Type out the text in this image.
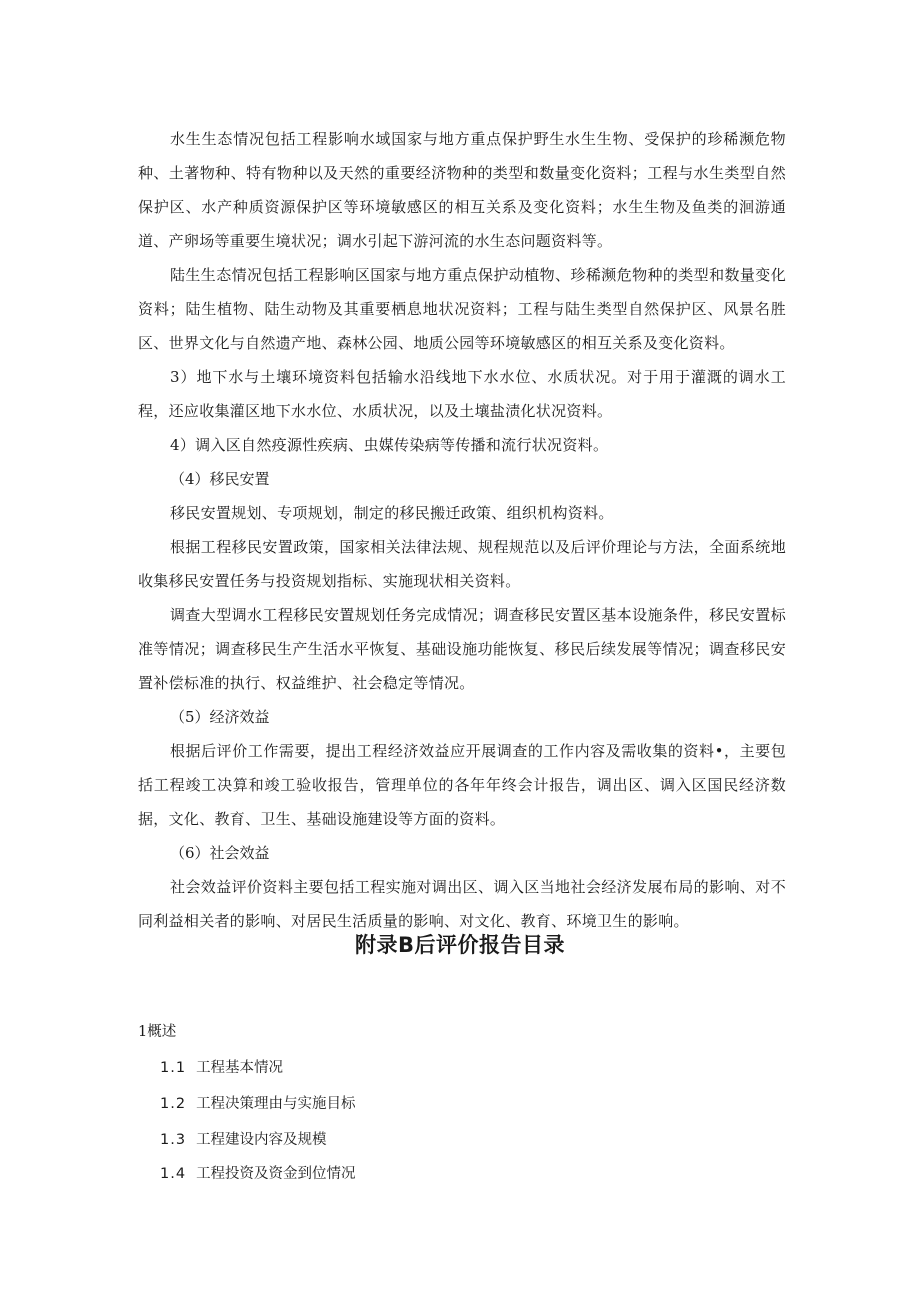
水生生态情况包括工程影响水域国家与地方重点保护野生水生生物、受保护的珍稀濒危物种、土著物种、特有物种以及天然的重要经济物种的类型和数量变化资料；工程与水生类型自然保护区、水产种质资源保护区等环境敏感区的相互关系及变化资料；水生生物及鱼类的洄游通道、产卵场等重要生境状况；调水引起下游河流的水生态问题资料等。

陆生生态情况包括工程影响区国家与地方重点保护动植物、珍稀濒危物种的类型和数量变化资料；陆生植物、陆生动物及其重要栖息地状况资料；工程与陆生类型自然保护区、风景名胜区、世界文化与自然遗产地、森林公园、地质公园等环境敏感区的相互关系及变化资料。

3）地下水与土壤环境资料包括输水沿线地下水水位、水质状况。对于用于灌溉的调水工程，还应收集灌区地下水水位、水质状况，以及土壤盐渍化状况资料。

4）调入区自然疫源性疾病、虫媒传染病等传播和流行状况资料。

（4）移民安置

移民安置规划、专项规划，制定的移民搬迁政策、组织机构资料。

根据工程移民安置政策，国家相关法律法规、规程规范以及后评价理论与方法，全面系统地收集移民安置任务与投资规划指标、实施现状相关资料。

调查大型调水工程移民安置规划任务完成情况；调查移民安置区基本设施条件，移民安置标准等情况；调查移民生产生活水平恢复、基础设施功能恢复、移民后续发展等情况；调查移民安置补偿标准的执行、权益维护、社会稳定等情况。

（5）经济效益

根据后评价工作需要，提出工程经济效益应开展调查的工作内容及需收集的资料•，主要包括工程竣工决算和竣工验收报告，管理单位的各年年终会计报告，调出区、调入区国民经济数据，文化、教育、卫生、基础设施建设等方面的资料。

（6）社会效益

社会效益评价资料主要包括工程实施对调出区、调入区当地社会经济发展布局的影响、对不同利益相关者的影响、对居民生活质量的影响、对文化、教育、环境卫生的影响。

附录B后评价报告目录

1概述

1.1 工程基本情况

1.2 工程决策理由与实施目标

1.3 工程建设内容及规模

1.4 工程投资及资金到位情况
